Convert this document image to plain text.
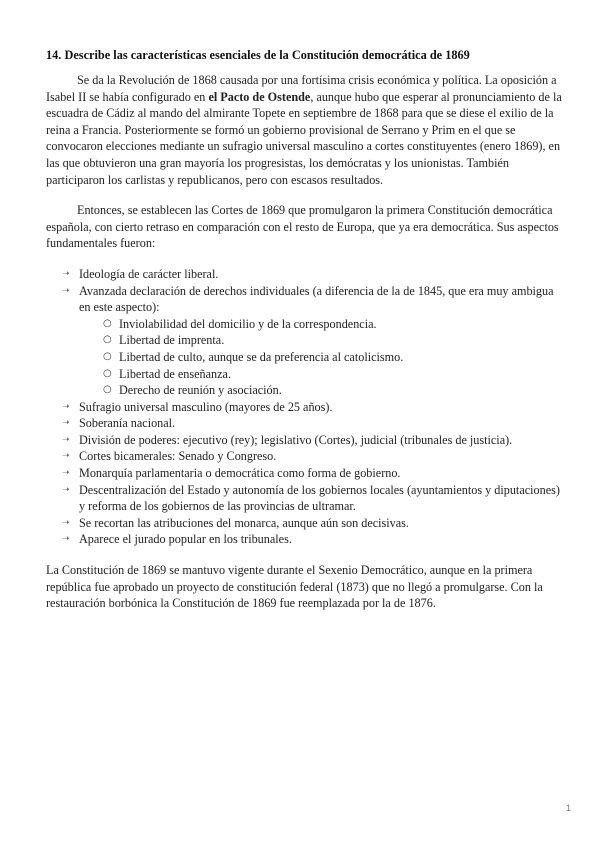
14. Describe las características esenciales de la Constitución democrática de 1869

Se da la Revolución de 1868 causada por una fortísima crisis económica y política. La oposición a Isabel II se había configurado en el Pacto de Ostende, aunque hubo que esperar al pronunciamiento de la escuadra de Cádiz al mando del almirante Topete en septiembre de 1868 para que se diese el exilio de la reina a Francia. Posteriormente se formó un gobierno provisional de Serrano y Prim en el que se convocaron elecciones mediante un sufragio universal masculino a cortes constituyentes (enero 1869), en las que obtuvieron una gran mayoría los progresistas, los demócratas y los unionistas. También participaron los carlistas y republicanos, pero con escasos resultados.

Entonces, se establecen las Cortes de 1869 que promulgaron la primera Constitución democrática española, con cierto retraso en comparación con el resto de Europa, que ya era democrática. Sus aspectos fundamentales fueron:

➝ Ideología de carácter liberal.
➝ Avanzada declaración de derechos individuales (a diferencia de la de 1845, que era muy ambigua en este aspecto):
○ Inviolabilidad del domicilio y de la correspondencia.
○ Libertad de imprenta.
○ Libertad de culto, aunque se da preferencia al catolicismo.
○ Libertad de enseñanza.
○ Derecho de reunión y asociación.
➝ Sufragio universal masculino (mayores de 25 años).
➝ Soberanía nacional.
➝ División de poderes: ejecutivo (rey); legislativo (Cortes), judicial (tribunales de justicia).
➝ Cortes bicamerales: Senado y Congreso.
➝ Monarquía parlamentaria o democrática como forma de gobierno.
➝ Descentralización del Estado y autonomía de los gobiernos locales (ayuntamientos y diputaciones) y reforma de los gobiernos de las provincias de ultramar.
➝ Se recortan las atribuciones del monarca, aunque aún son decisivas.
➝ Aparece el jurado popular en los tribunales.

La Constitución de 1869 se mantuvo vigente durante el Sexenio Democrático, aunque en la primera república fue aprobado un proyecto de constitución federal (1873) que no llegó a promulgarse. Con la restauración borbónica la Constitución de 1869 fue reemplazada por la de 1876.

1
